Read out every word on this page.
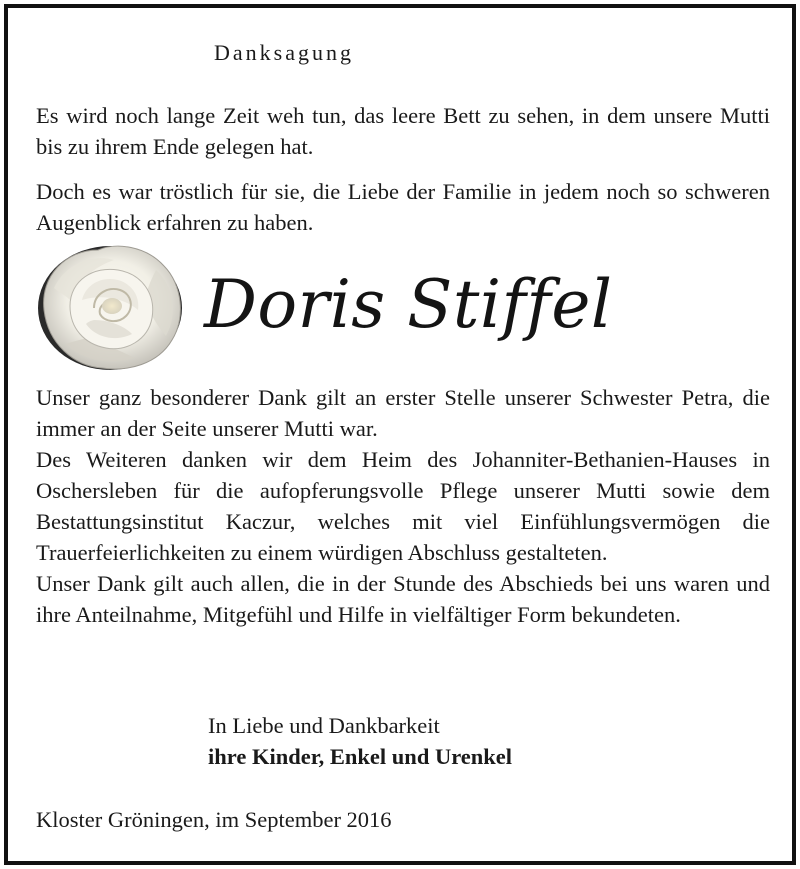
Danksagung

Es wird noch lange Zeit weh tun, das leere Bett zu sehen, in dem unsere Mutti bis zu ihrem Ende gelegen hat.

Doch es war tröstlich für sie, die Liebe der Familie in jedem noch so schweren Augenblick erfahren zu haben.

Doris Stiffel

Unser ganz besonderer Dank gilt an erster Stelle unserer Schwester Petra, die immer an der Seite unserer Mutti war.
Des Weiteren danken wir dem Heim des Johanniter-Bethanien-Hauses in Oschersleben für die aufopferungsvolle Pflege unserer Mutti sowie dem Bestattungsinstitut Kaczur, welches mit viel Einfühlungsvermögen die Trauerfeierlichkeiten zu einem würdigen Abschluss gestalteten.
Unser Dank gilt auch allen, die in der Stunde des Abschieds bei uns waren und ihre Anteilnahme, Mitgefühl und Hilfe in vielfältiger Form bekundeten.

In Liebe und Dankbarkeit
ihre Kinder, Enkel und Urenkel
Kloster Gröningen, im September 2016
